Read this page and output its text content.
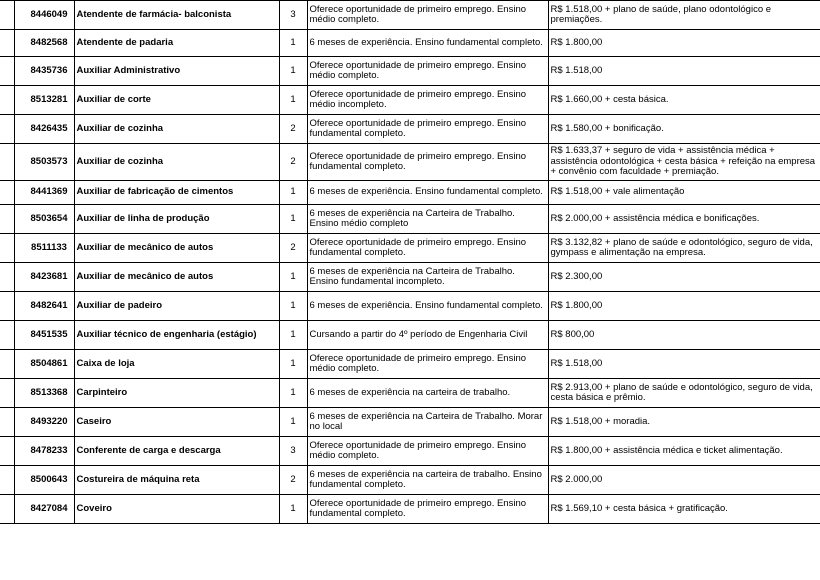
	8446049	Atendente de farmácia- balconista	3	Oferece oportunidade de primeiro emprego. Ensino médio completo.	R$ 1.518,00 + plano de saúde, plano odontológico e premiações.
	8482568	Atendente de padaria	1	6 meses de experiência. Ensino fundamental completo.	R$ 1.800,00
	8435736	Auxiliar Administrativo	1	Oferece oportunidade de primeiro emprego. Ensino médio completo.	R$ 1.518,00
	8513281	Auxiliar de corte	1	Oferece oportunidade de primeiro emprego. Ensino médio incompleto.	R$ 1.660,00 + cesta básica.
	8426435	Auxiliar de cozinha	2	Oferece oportunidade de primeiro emprego. Ensino fundamental completo.	R$ 1.580,00 + bonificação.
	8503573	Auxiliar de cozinha	2	Oferece oportunidade de primeiro emprego. Ensino fundamental completo.	R$ 1.633,37 + seguro de vida + assistência médica + assistência odontológica + cesta básica + refeição na empresa + convênio com faculdade + premiação.
	8441369	Auxiliar de fabricação de cimentos	1	6 meses de experiência. Ensino fundamental completo.	R$ 1.518,00 + vale alimentação
	8503654	Auxiliar de linha de produção	1	6 meses de experiência na Carteira de Trabalho. Ensino médio completo	R$ 2.000,00 + assistência médica e bonificações.
	8511133	Auxiliar de mecânico de autos	2	Oferece oportunidade de primeiro emprego. Ensino fundamental completo.	R$ 3.132,82 + plano de saúde e odontológico, seguro de vida, gympass e alimentação na empresa.
	8423681	Auxiliar de mecânico de autos	1	6 meses de experiência na Carteira de Trabalho. Ensino fundamental incompleto.	R$ 2.300,00
	8482641	Auxiliar de padeiro	1	6 meses de experiência. Ensino fundamental completo.	R$ 1.800,00
	8451535	Auxiliar técnico de engenharia (estágio)	1	Cursando a partir do 4º período de Engenharia Civil	R$ 800,00
	8504861	Caixa de loja	1	Oferece oportunidade de primeiro emprego. Ensino médio completo.	R$ 1.518,00
	8513368	Carpinteiro	1	6 meses de experiência na carteira de trabalho.	R$ 2.913,00 + plano de saúde e odontológico, seguro de vida, cesta básica e prêmio.
	8493220	Caseiro	1	6 meses de experiência na Carteira de Trabalho. Morar no local	R$ 1.518,00 + moradia.
	8478233	Conferente de carga e descarga	3	Oferece oportunidade de primeiro emprego. Ensino médio completo.	R$ 1.800,00 + assistência médica e ticket alimentação.
	8500643	Costureira de máquina reta	2	6 meses de experiência na carteira de trabalho. Ensino fundamental completo.	R$ 2.000,00
	8427084	Coveiro	1	Oferece oportunidade de primeiro emprego. Ensino fundamental completo.	R$ 1.569,10 + cesta básica + gratificação.
